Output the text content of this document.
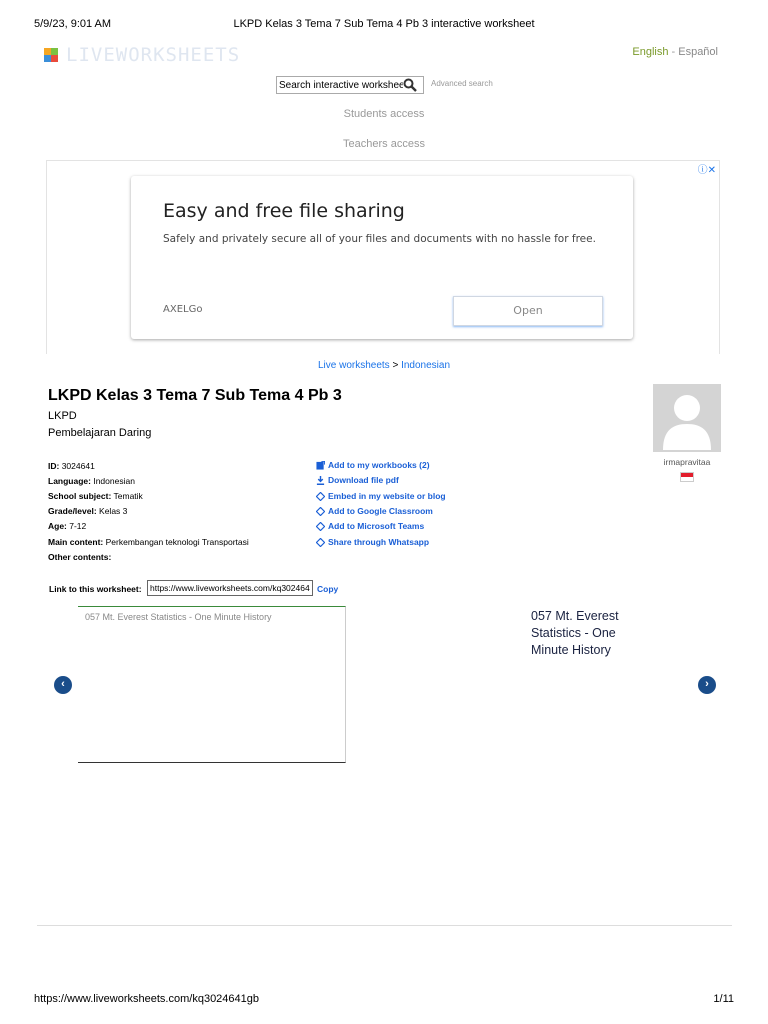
5/9/23, 9:01 AM	LKPD Kelas 3 Tema 7 Sub Tema 4 Pb 3 interactive worksheet
https://www.liveworksheets.com/kq3024641gb	1/11
LIVEWORKSHEETS	English - Español
Search interactive worksheets
Advanced search
Students access
Teachers access
ⓘ✕
Easy and free file sharing
Safely and privately secure all of your files and documents with no hassle for free.
AXELGo	Open
Live worksheets > Indonesian
LKPD Kelas 3 Tema 7 Sub Tema 4 Pb 3
LKPD
Pembelajaran Daring
ID: 3024641
Language: Indonesian
School subject: Tematik
Grade/level: Kelas 3
Age: 7-12
Main content: Perkembangan teknologi Transportasi
Other contents:
Add to my workbooks (2)
Download file pdf
Embed in my website or blog
Add to Google Classroom
Add to Microsoft Teams
Share through Whatsapp
irmapravitaa
Link to this worksheet:
https://www.liveworksheets.com/kq3024641gb	Copy
057 Mt. Everest Statistics - One Minute History	057 Mt. Everest Statistics - One Minute History
‹	›
